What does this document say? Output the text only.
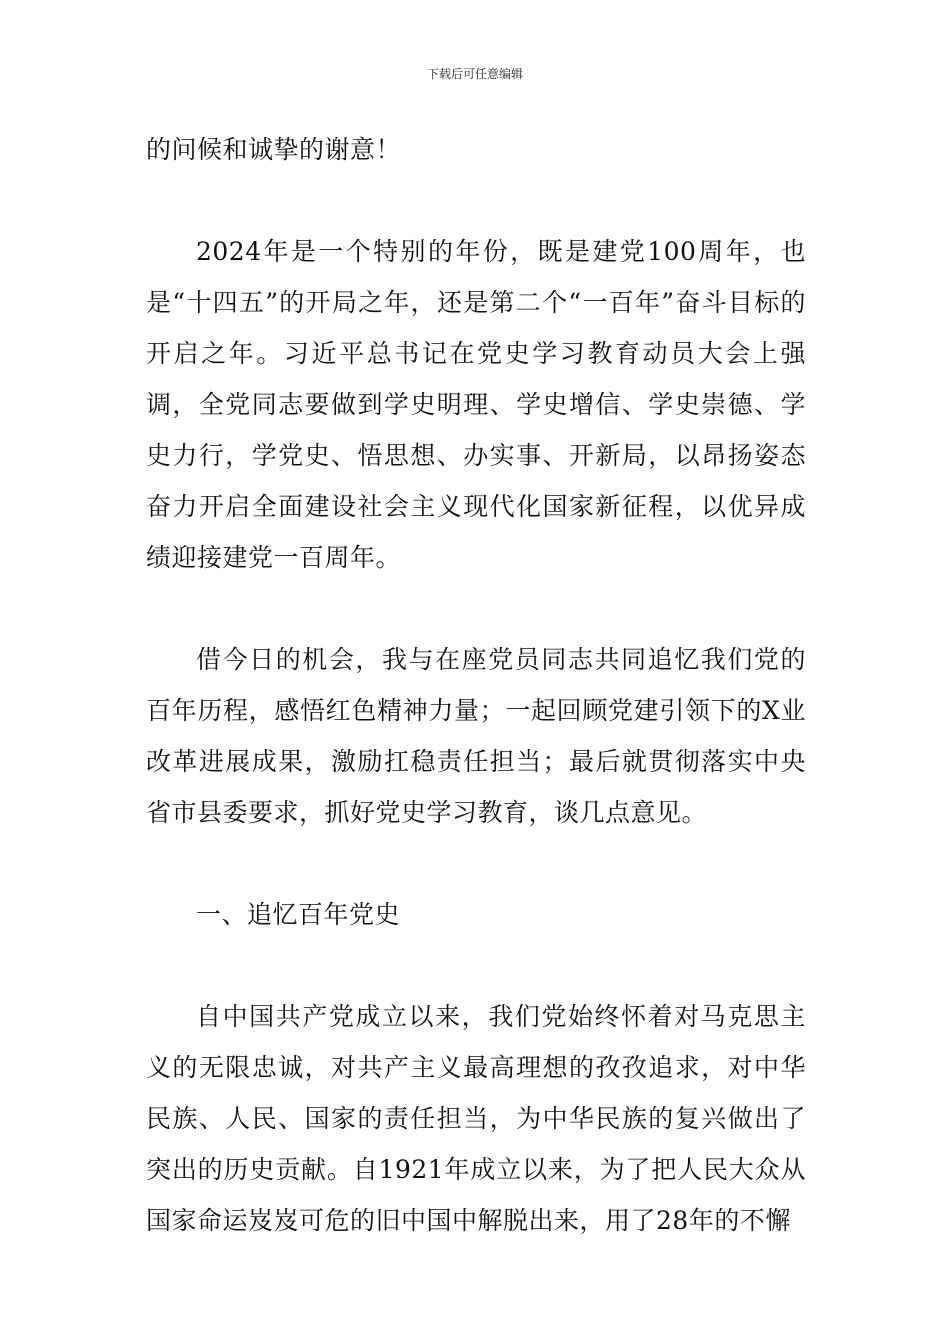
下载后可任意编辑

的问候和诚挚的谢意！

2024年是一个特别的年份，既是建党100周年，也是“十四五”的开局之年，还是第二个“一百年”奋斗目标的开启之年。习近平总书记在党史学习教育动员大会上强调，全党同志要做到学史明理、学史增信、学史崇德、学史力行，学党史、悟思想、办实事、开新局，以昂扬姿态奋力开启全面建设社会主义现代化国家新征程，以优异成绩迎接建党一百周年。

借今日的机会，我与在座党员同志共同追忆我们党的百年历程，感悟红色精神力量；一起回顾党建引领下的X业改革进展成果，激励扛稳责任担当；最后就贯彻落实中央省市县委要求，抓好党史学习教育，谈几点意见。

一、追忆百年党史

自中国共产党成立以来，我们党始终怀着对马克思主义的无限忠诚，对共产主义最高理想的孜孜追求，对中华民族、人民、国家的责任担当，为中华民族的复兴做出了突出的历史贡献。自1921年成立以来，为了把人民大众从国家命运岌岌可危的旧中国中解脱出来，用了28年的不懈
